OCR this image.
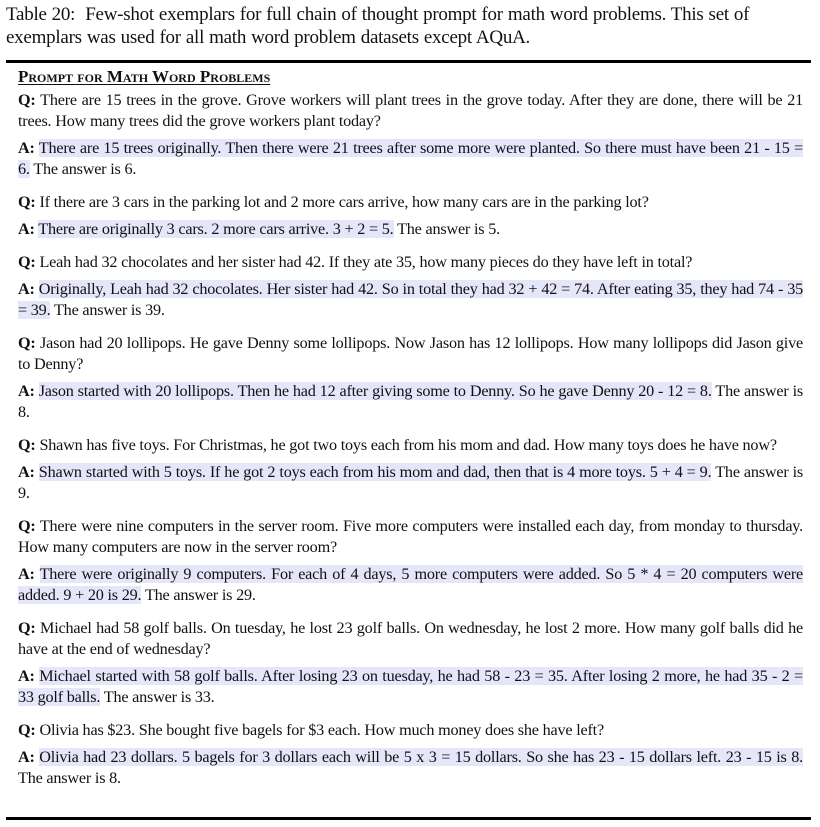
Table 20: Few-shot exemplars for full chain of thought prompt for math word problems. This set of exemplars was used for all math word problem datasets except AQuA.
Prompt for Math Word Problems

Q: There are 15 trees in the grove. Grove workers will plant trees in the grove today. After they are done, there will be 21 trees. How many trees did the grove workers plant today?

A: There are 15 trees originally. Then there were 21 trees after some more were planted. So there must have been 21 - 15 = 6. The answer is 6.

Q: If there are 3 cars in the parking lot and 2 more cars arrive, how many cars are in the parking lot?

A: There are originally 3 cars. 2 more cars arrive. 3 + 2 = 5. The answer is 5.

Q: Leah had 32 chocolates and her sister had 42. If they ate 35, how many pieces do they have left in total?

A: Originally, Leah had 32 chocolates. Her sister had 42. So in total they had 32 + 42 = 74. After eating 35, they had 74 - 35 = 39. The answer is 39.

Q: Jason had 20 lollipops. He gave Denny some lollipops. Now Jason has 12 lollipops. How many lollipops did Jason give to Denny?

A: Jason started with 20 lollipops. Then he had 12 after giving some to Denny. So he gave Denny 20 - 12 = 8. The answer is 8.

Q: Shawn has five toys. For Christmas, he got two toys each from his mom and dad. How many toys does he have now?

A: Shawn started with 5 toys. If he got 2 toys each from his mom and dad, then that is 4 more toys. 5 + 4 = 9. The answer is 9.

Q: There were nine computers in the server room. Five more computers were installed each day, from monday to thursday. How many computers are now in the server room?

A: There were originally 9 computers. For each of 4 days, 5 more computers were added. So 5 * 4 = 20 computers were added. 9 + 20 is 29. The answer is 29.

Q: Michael had 58 golf balls. On tuesday, he lost 23 golf balls. On wednesday, he lost 2 more. How many golf balls did he have at the end of wednesday?

A: Michael started with 58 golf balls. After losing 23 on tuesday, he had 58 - 23 = 35. After losing 2 more, he had 35 - 2 = 33 golf balls. The answer is 33.

Q: Olivia has $23. She bought five bagels for $3 each. How much money does she have left?

A: Olivia had 23 dollars. 5 bagels for 3 dollars each will be 5 x 3 = 15 dollars. So she has 23 - 15 dollars left. 23 - 15 is 8. The answer is 8.
